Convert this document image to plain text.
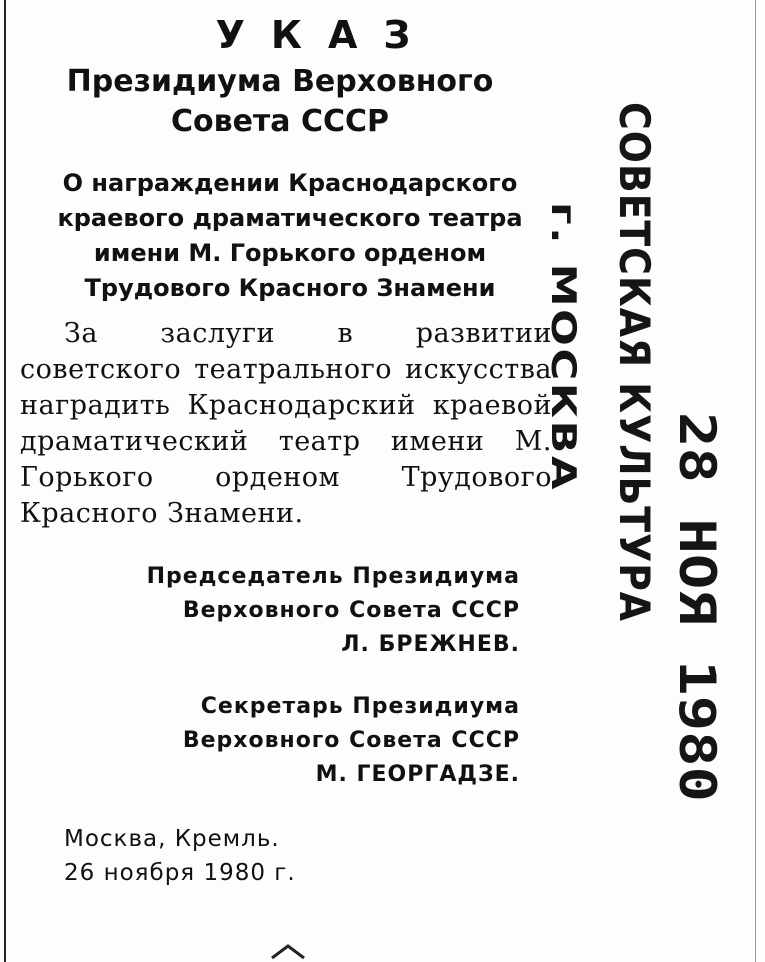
УКАЗ
Президиума Верховного
Совета СССР
О награждении Краснодарского краевого драматического театра имени М. Горького орденом Трудового Красного Знамени
За заслуги в развитии советского театрального искусства наградить Краснодарский краевой драматический театр имени М. Горького орденом Трудового Красного Знамени.
Председатель Президиума
Верховного Совета СССР
Л. БРЕЖНЕВ.
Секретарь Президиума
Верховного Совета СССР
М. ГЕОРГАДЗЕ.
Москва, Кремль.
26 ноября 1980 г.
СОВЕТСКАЯ КУЛЬТУРА
г. МОСКВА
28 НОЯ 1980
